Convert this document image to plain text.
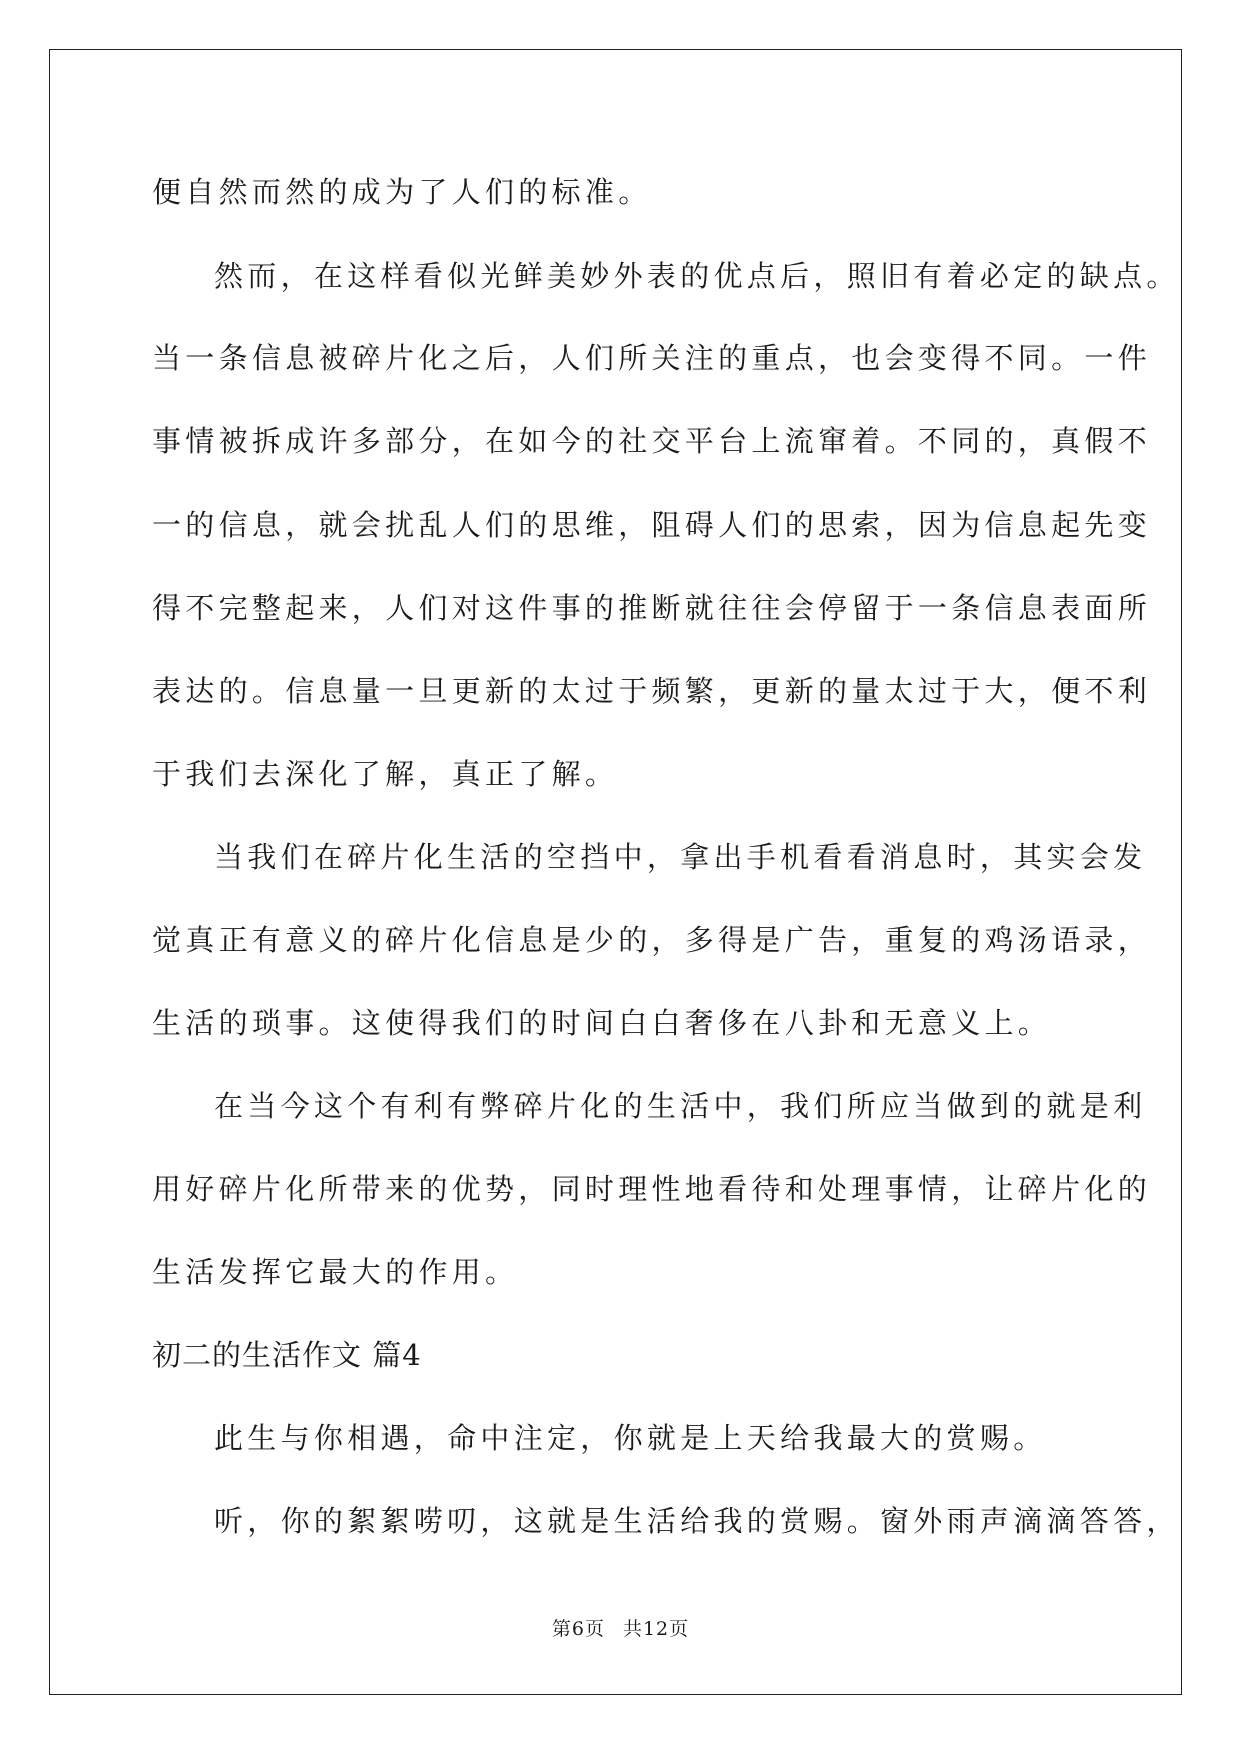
便自然而然的成为了人们的标准。
然而，在这样看似光鲜美妙外表的优点后，照旧有着必定的缺点。
当一条信息被碎片化之后，人们所关注的重点，也会变得不同。一件
事情被拆成许多部分，在如今的社交平台上流窜着。不同的，真假不
一的信息，就会扰乱人们的思维，阻碍人们的思索，因为信息起先变
得不完整起来，人们对这件事的推断就往往会停留于一条信息表面所
表达的。信息量一旦更新的太过于频繁，更新的量太过于大，便不利
于我们去深化了解，真正了解。
当我们在碎片化生活的空挡中，拿出手机看看消息时，其实会发
觉真正有意义的碎片化信息是少的，多得是广告，重复的鸡汤语录，
生活的琐事。这使得我们的时间白白奢侈在八卦和无意义上。
在当今这个有利有弊碎片化的生活中，我们所应当做到的就是利
用好碎片化所带来的优势，同时理性地看待和处理事情，让碎片化的
生活发挥它最大的作用。
初二的生活作文 篇4
此生与你相遇，命中注定，你就是上天给我最大的赏赐。
听，你的絮絮唠叨，这就是生活给我的赏赐。窗外雨声滴滴答答，
第6页 共12页
